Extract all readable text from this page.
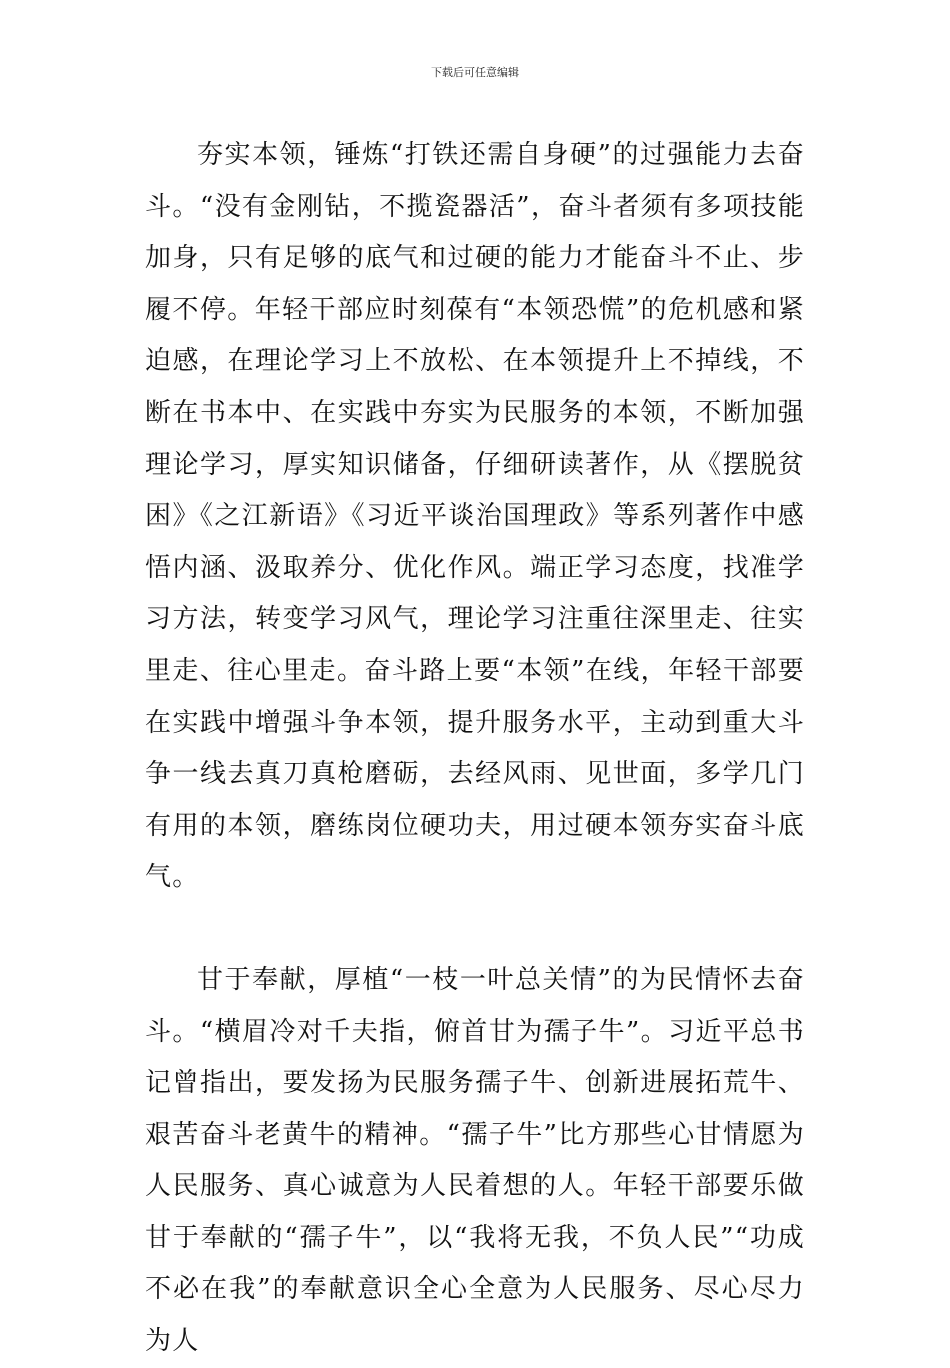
下载后可任意编辑

夯实本领，锤炼“打铁还需自身硬”的过强能力去奋斗。“没有金刚钻，不揽瓷器活”，奋斗者须有多项技能加身，只有足够的底气和过硬的能力才能奋斗不止、步履不停。年轻干部应时刻葆有“本领恐慌”的危机感和紧迫感，在理论学习上不放松、在本领提升上不掉线，不断在书本中、在实践中夯实为民服务的本领，不断加强理论学习，厚实知识储备，仔细研读著作，从《摆脱贫困》《之江新语》《习近平谈治国理政》等系列著作中感悟内涵、汲取养分、优化作风。端正学习态度，找准学习方法，转变学习风气，理论学习注重往深里走、往实里走、往心里走。奋斗路上要“本领”在线，年轻干部要在实践中增强斗争本领，提升服务水平，主动到重大斗争一线去真刀真枪磨砺，去经风雨、见世面，多学几门有用的本领，磨练岗位硬功夫，用过硬本领夯实奋斗底气。

甘于奉献，厚植“一枝一叶总关情”的为民情怀去奋斗。“横眉冷对千夫指，俯首甘为孺子牛”。习近平总书记曾指出，要发扬为民服务孺子牛、创新进展拓荒牛、艰苦奋斗老黄牛的精神。“孺子牛”比方那些心甘情愿为人民服务、真心诚意为人民着想的人。年轻干部要乐做甘于奉献的“孺子牛”，以“我将无我，不负人民”“功成不必在我”的奉献意识全心全意为人民服务、尽心尽力为人
